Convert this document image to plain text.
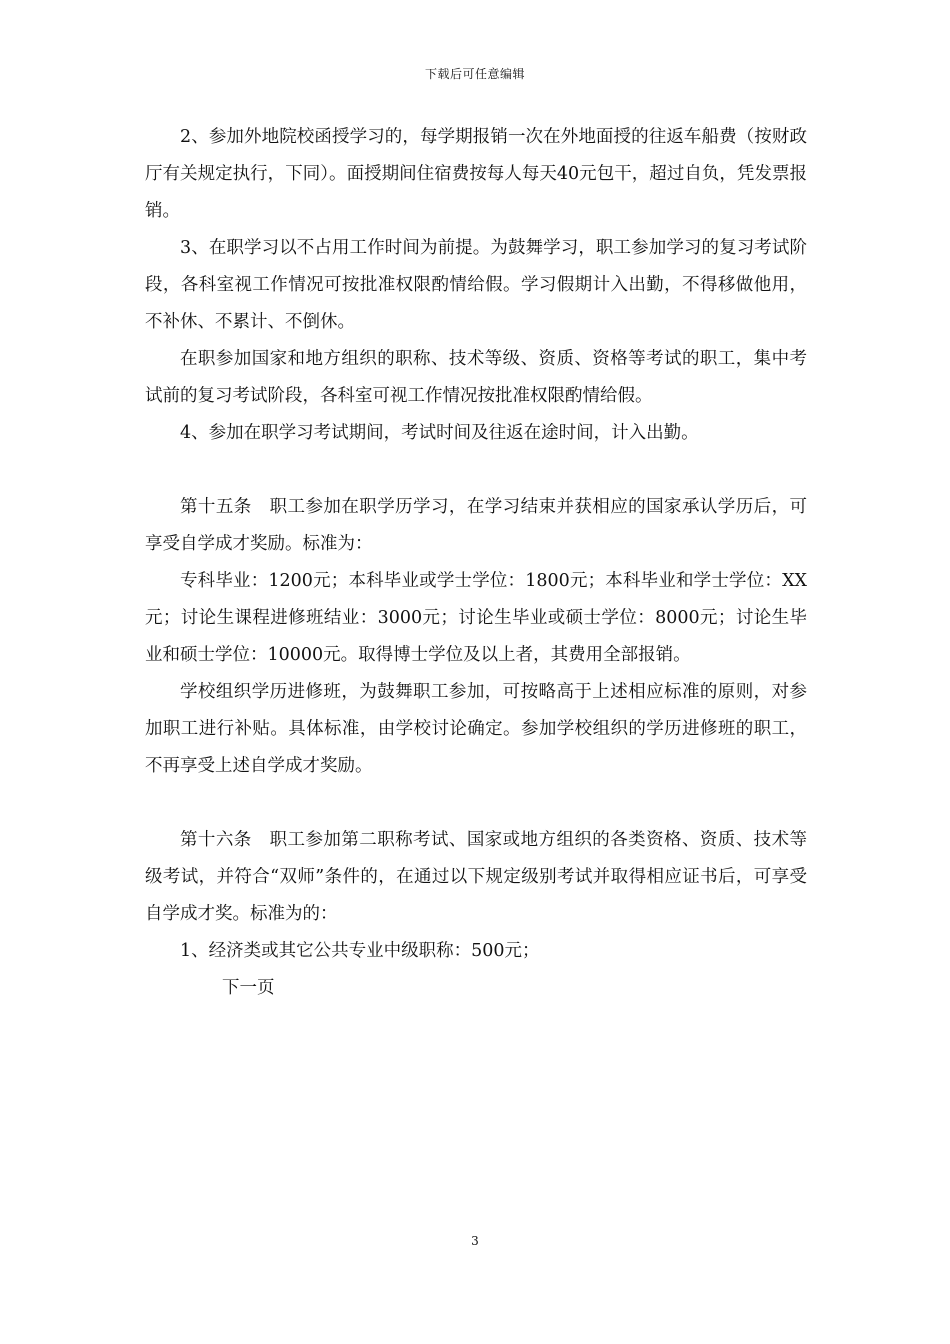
下载后可任意编辑

2、参加外地院校函授学习的，每学期报销一次在外地面授的往返车船费（按财政厅有关规定执行，下同）。面授期间住宿费按每人每天40元包干，超过自负，凭发票报销。

3、在职学习以不占用工作时间为前提。为鼓舞学习，职工参加学习的复习考试阶段，各科室视工作情况可按批准权限酌情给假。学习假期计入出勤，不得移做他用，不补休、不累计、不倒休。

在职参加国家和地方组织的职称、技术等级、资质、资格等考试的职工，集中考试前的复习考试阶段，各科室可视工作情况按批准权限酌情给假。

4、参加在职学习考试期间，考试时间及往返在途时间，计入出勤。

第十五条　职工参加在职学历学习，在学习结束并获相应的国家承认学历后，可享受自学成才奖励。标准为：

专科毕业：1200元；本科毕业或学士学位：1800元；本科毕业和学士学位：XX元；讨论生课程进修班结业：3000元；讨论生毕业或硕士学位：8000元；讨论生毕业和硕士学位：10000元。取得博士学位及以上者，其费用全部报销。

学校组织学历进修班，为鼓舞职工参加，可按略高于上述相应标准的原则，对参加职工进行补贴。具体标准，由学校讨论确定。参加学校组织的学历进修班的职工，不再享受上述自学成才奖励。

第十六条　职工参加第二职称考试、国家或地方组织的各类资格、资质、技术等级考试，并符合“双师”条件的，在通过以下规定级别考试并取得相应证书后，可享受自学成才奖。标准为的：

1、经济类或其它公共专业中级职称：500元；

下一页

3
